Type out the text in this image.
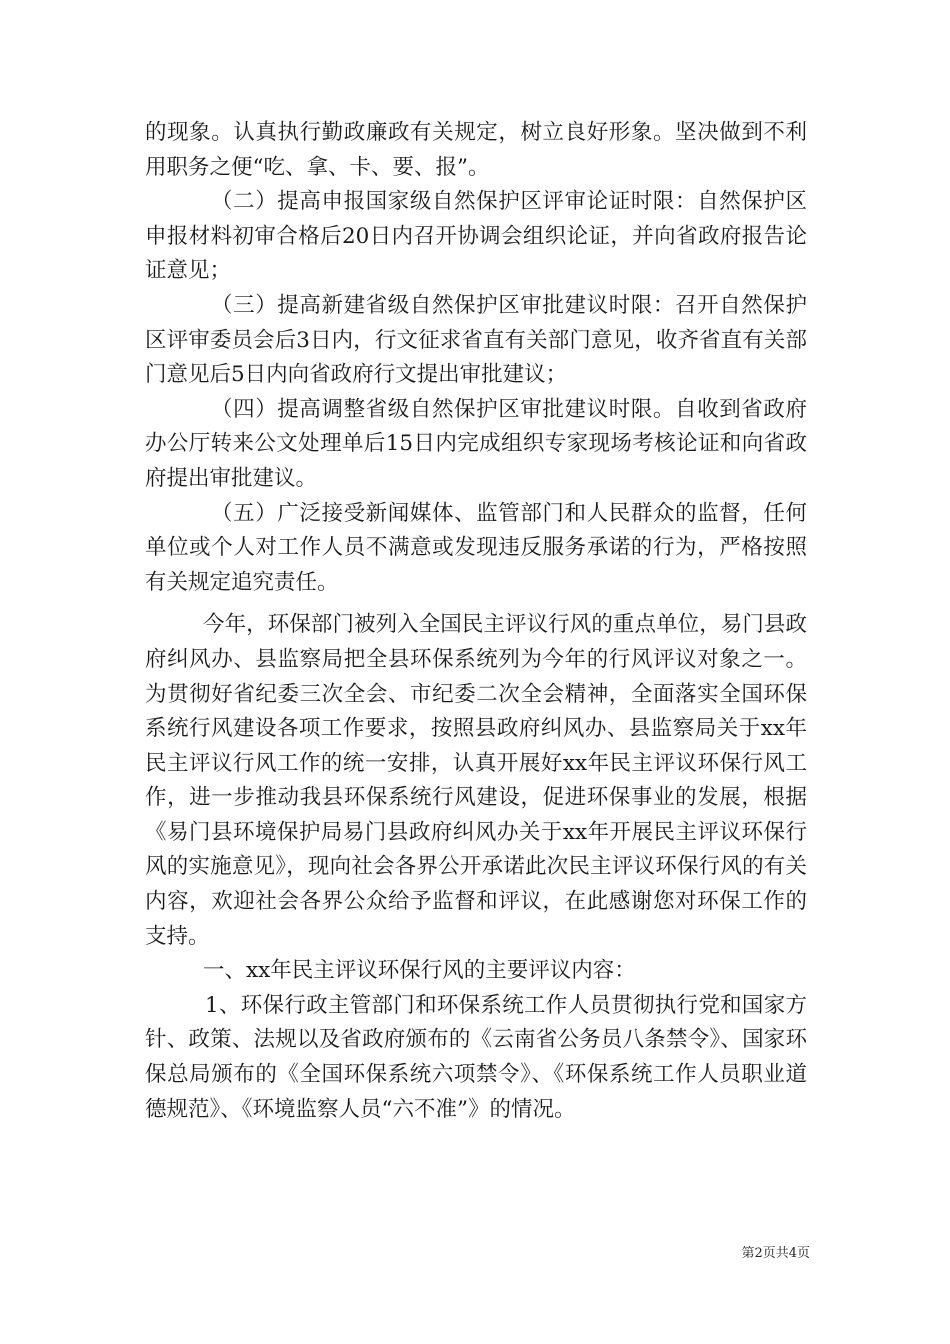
的现象。认真执行勤政廉政有关规定，树立良好形象。坚决做到不利用职务之便“吃、拿、卡、要、报”。

（二）提高申报国家级自然保护区评审论证时限：自然保护区申报材料初审合格后20日内召开协调会组织论证，并向省政府报告论证意见；

（三）提高新建省级自然保护区审批建议时限：召开自然保护区评审委员会后3日内，行文征求省直有关部门意见，收齐省直有关部门意见后5日内向省政府行文提出审批建议；

（四）提高调整省级自然保护区审批建议时限。自收到省政府办公厅转来公文处理单后15日内完成组织专家现场考核论证和向省政府提出审批建议。

（五）广泛接受新闻媒体、监管部门和人民群众的监督，任何单位或个人对工作人员不满意或发现违反服务承诺的行为，严格按照有关规定追究责任。

今年，环保部门被列入全国民主评议行风的重点单位，易门县政府纠风办、县监察局把全县环保系统列为今年的行风评议对象之一。为贯彻好省纪委三次全会、市纪委二次全会精神，全面落实全国环保系统行风建设各项工作要求，按照县政府纠风办、县监察局关于xx年民主评议行风工作的统一安排，认真开展好xx年民主评议环保行风工作，进一步推动我县环保系统行风建设，促进环保事业的发展，根据《易门县环境保护局易门县政府纠风办关于xx年开展民主评议环保行风的实施意见》，现向社会各界公开承诺此次民主评议环保行风的有关内容，欢迎社会各界公众给予监督和评议，在此感谢您对环保工作的支持。

一、xx年民主评议环保行风的主要评议内容：

1、环保行政主管部门和环保系统工作人员贯彻执行党和国家方针、政策、法规以及省政府颁布的《云南省公务员八条禁令》、国家环保总局颁布的《全国环保系统六项禁令》、《环保系统工作人员职业道德规范》、《环境监察人员“六不准”》的情况。

第2页共4页
